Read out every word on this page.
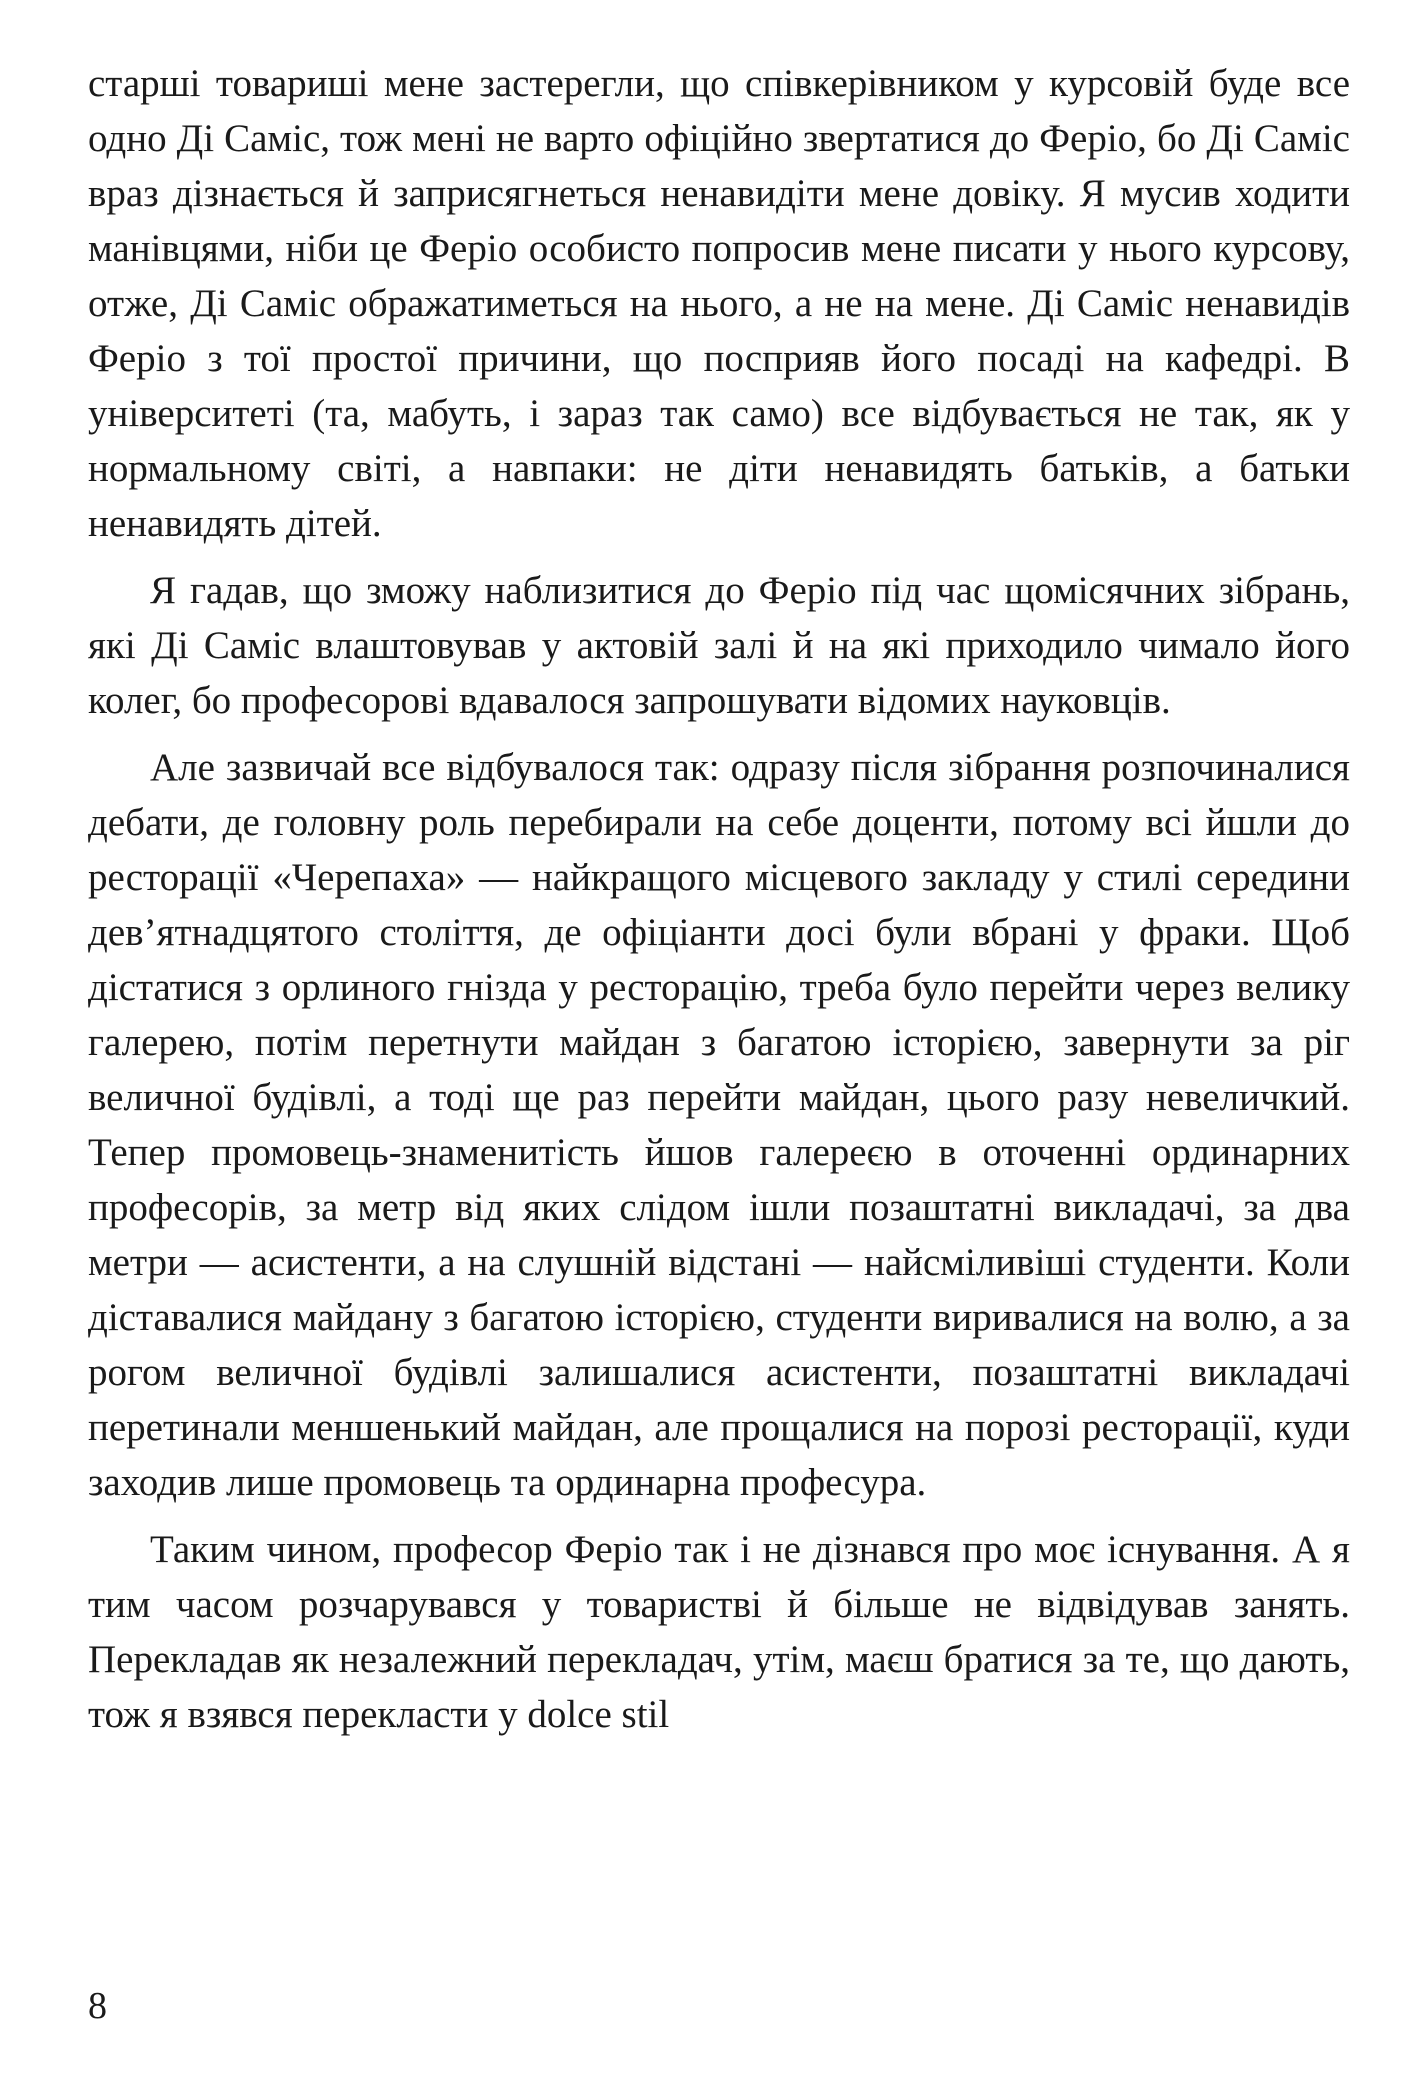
старші товариші мене застерегли, що співкерівником у курсовій буде все одно Ді Саміс, тож мені не варто офіційно звертатися до Феріо, бо Ді Саміс враз дізнається й заприсягнеться ненавидіти мене довіку. Я мусив ходити манівцями, ніби це Феріо особисто попросив мене писати у нього курсову, отже, Ді Саміс ображатиметься на нього, а не на мене. Ді Саміс ненавидів Феріо з тої простої причини, що посприяв його посаді на кафедрі. В університеті (та, мабуть, і зараз так само) все відбувається не так, як у нормальному світі, а навпаки: не діти ненавидять батьків, а батьки ненавидять дітей.

Я гадав, що зможу наблизитися до Феріо під час щомісячних зібрань, які Ді Саміс влаштовував у актовій залі й на які приходило чимало його колег, бо професорові вдавалося запрошувати відомих науковців.

Але зазвичай все відбувалося так: одразу після зібрання розпочиналися дебати, де головну роль перебирали на себе доценти, потому всі йшли до ресторації «Черепаха» — найкращого місцевого закладу у стилі середини дев’ятнадцятого століття, де офіціанти досі були вбрані у фраки. Щоб дістатися з орлиного гнізда у ресторацію, треба було перейти через велику галерею, потім перетнути майдан з багатою історією, завернути за ріг величної будівлі, а тоді ще раз перейти майдан, цього разу невеличкий. Тепер промовець-знаменитість йшов галереєю в оточенні ординарних професорів, за метр від яких слідом ішли позаштатні викладачі, за два метри — асистенти, а на слушній відстані — найсміливіші студенти. Коли діставалися майдану з багатою історією, студенти виривалися на волю, а за рогом величної будівлі залишалися асистенти, позаштатні викладачі перетинали меншенький майдан, але прощалися на порозі ресторації, куди заходив лише промовець та ординарна професура.

Таким чином, професор Феріо так і не дізнався про моє існування. А я тим часом розчарувався у товаристві й більше не відвідував занять. Перекладав як незалежний перекладач, утім, маєш братися за те, що дають, тож я взявся перекласти у dolce stil

8
